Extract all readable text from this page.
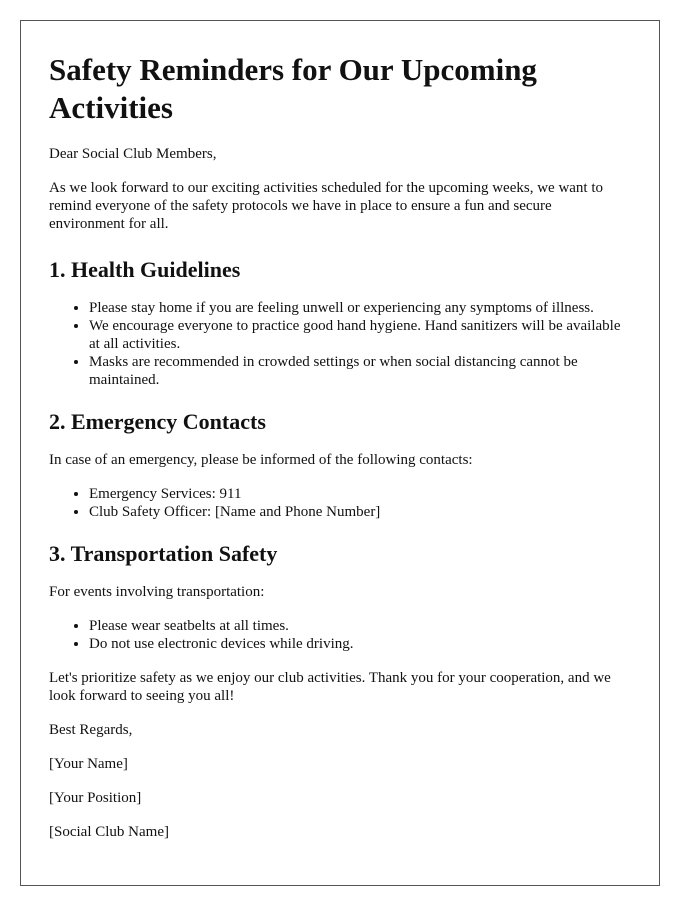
Safety Reminders for Our Upcoming Activities

Dear Social Club Members,

As we look forward to our exciting activities scheduled for the upcoming weeks, we want to remind everyone of the safety protocols we have in place to ensure a fun and secure environment for all.

1. Health Guidelines
• Please stay home if you are feeling unwell or experiencing any symptoms of illness.
• We encourage everyone to practice good hand hygiene. Hand sanitizers will be available at all activities.
• Masks are recommended in crowded settings or when social distancing cannot be maintained.
2. Emergency Contacts

In case of an emergency, please be informed of the following contacts:

• Emergency Services: 911
• Club Safety Officer: [Name and Phone Number]
3. Transportation Safety

For events involving transportation:

• Please wear seatbelts at all times.
• Do not use electronic devices while driving.

Let's prioritize safety as we enjoy our club activities. Thank you for your cooperation, and we look forward to seeing you all!

Best Regards,

[Your Name]

[Your Position]

[Social Club Name]
